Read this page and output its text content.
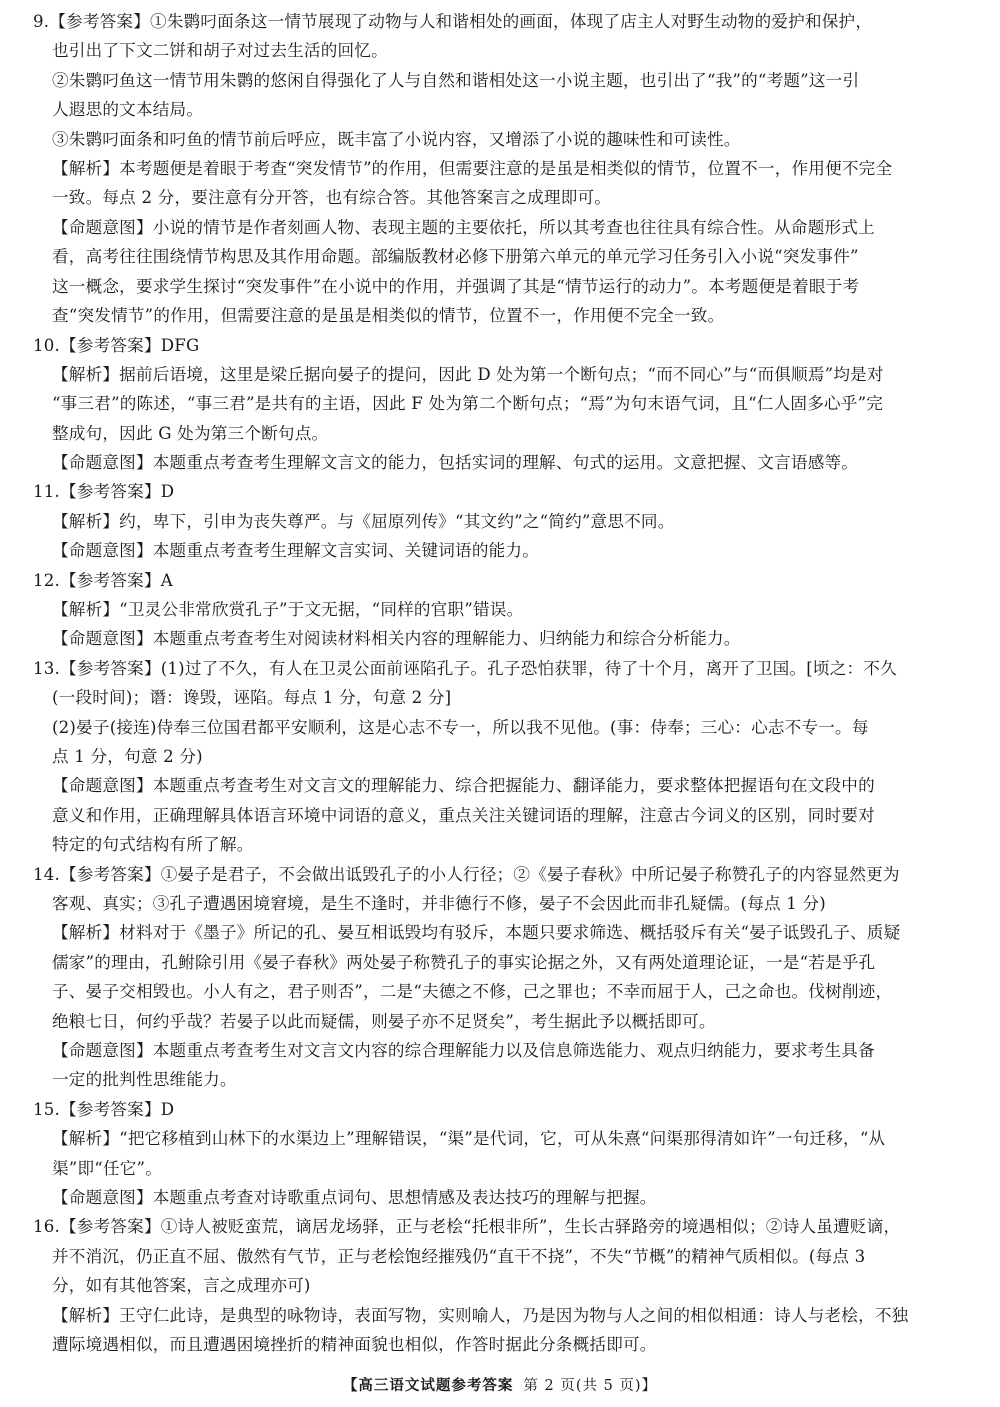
9.【参考答案】①朱鹮叼面条这一情节展现了动物与人和谐相处的画面，体现了店主人对野生动物的爱护和保护，
也引出了下文二饼和胡子对过去生活的回忆。
②朱鹮叼鱼这一情节用朱鹮的悠闲自得强化了人与自然和谐相处这一小说主题，也引出了“我”的“考题”这一引
人遐思的文本结局。
③朱鹮叼面条和叼鱼的情节前后呼应，既丰富了小说内容，又增添了小说的趣味性和可读性。
【解析】本考题便是着眼于考查“突发情节”的作用，但需要注意的是虽是相类似的情节，位置不一，作用便不完全
一致。每点 2 分，要注意有分开答，也有综合答。其他答案言之成理即可。
【命题意图】小说的情节是作者刻画人物、表现主题的主要依托，所以其考查也往往具有综合性。从命题形式上
看，高考往往围绕情节构思及其作用命题。部编版教材必修下册第六单元的单元学习任务引入小说“突发事件”
这一概念，要求学生探讨“突发事件”在小说中的作用，并强调了其是“情节运行的动力”。本考题便是着眼于考
查“突发情节”的作用，但需要注意的是虽是相类似的情节，位置不一，作用便不完全一致。
10.【参考答案】DFG
【解析】据前后语境，这里是梁丘据向晏子的提问，因此 D 处为第一个断句点；“而不同心”与“而俱顺焉”均是对
“事三君”的陈述，“事三君”是共有的主语，因此 F 处为第二个断句点；“焉”为句末语气词，且“仁人固多心乎”完
整成句，因此 G 处为第三个断句点。
【命题意图】本题重点考查考生理解文言文的能力，包括实词的理解、句式的运用。文意把握、文言语感等。
11.【参考答案】D
【解析】约，卑下，引申为丧失尊严。与《屈原列传》“其文约”之“简约”意思不同。
【命题意图】本题重点考查考生理解文言实词、关键词语的能力。
12.【参考答案】A
【解析】“卫灵公非常欣赏孔子”于文无据，“同样的官职”错误。
【命题意图】本题重点考查考生对阅读材料相关内容的理解能力、归纳能力和综合分析能力。
13.【参考答案】(1)过了不久，有人在卫灵公面前诬陷孔子。孔子恐怕获罪，待了十个月，离开了卫国。[顷之：不久
(一段时间)；谮：谗毁，诬陷。每点 1 分，句意 2 分]
(2)晏子(接连)侍奉三位国君都平安顺利，这是心志不专一，所以我不见他。(事：侍奉；三心：心志不专一。每
点 1 分，句意 2 分)
【命题意图】本题重点考查考生对文言文的理解能力、综合把握能力、翻译能力，要求整体把握语句在文段中的
意义和作用，正确理解具体语言环境中词语的意义，重点关注关键词语的理解，注意古今词义的区别，同时要对
特定的句式结构有所了解。
14.【参考答案】①晏子是君子，不会做出诋毁孔子的小人行径；②《晏子春秋》中所记晏子称赞孔子的内容显然更为
客观、真实；③孔子遭遇困境窘境，是生不逢时，并非德行不修，晏子不会因此而非孔疑儒。(每点 1 分)
【解析】材料对于《墨子》所记的孔、晏互相诋毁均有驳斥，本题只要求筛选、概括驳斥有关“晏子诋毁孔子、质疑
儒家”的理由，孔鲋除引用《晏子春秋》两处晏子称赞孔子的事实论据之外，又有两处道理论证，一是“若是乎孔
子、晏子交相毁也。小人有之，君子则否”，二是“夫德之不修，己之罪也；不幸而屈于人，己之命也。伐树削迹，
绝粮七日，何约乎哉？若晏子以此而疑儒，则晏子亦不足贤矣”，考生据此予以概括即可。
【命题意图】本题重点考查考生对文言文内容的综合理解能力以及信息筛选能力、观点归纳能力，要求考生具备
一定的批判性思维能力。
15.【参考答案】D
【解析】“把它移植到山林下的水渠边上”理解错误，“渠”是代词，它，可从朱熹“问渠那得清如许”一句迁移，“从
渠”即“任它”。
【命题意图】本题重点考查对诗歌重点词句、思想情感及表达技巧的理解与把握。
16.【参考答案】①诗人被贬蛮荒，谪居龙场驿，正与老桧“托根非所”，生长古驿路旁的境遇相似；②诗人虽遭贬谪，
并不消沉，仍正直不屈、傲然有气节，正与老桧饱经摧残仍“直干不挠”，不失“节概”的精神气质相似。(每点 3
分，如有其他答案，言之成理亦可)
【解析】王守仁此诗，是典型的咏物诗，表面写物，实则喻人，乃是因为物与人之间的相似相通：诗人与老桧，不独
遭际境遇相似，而且遭遇困境挫折的精神面貌也相似，作答时据此分条概括即可。
【高三语文试题参考答案 第 2 页(共 5 页)】
